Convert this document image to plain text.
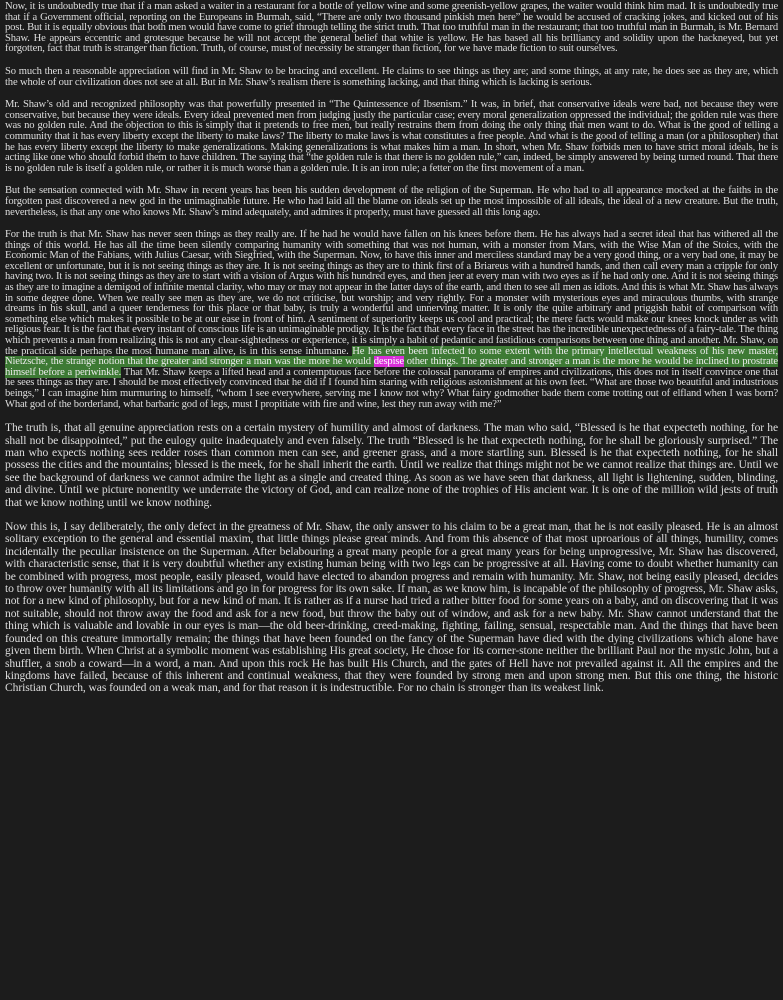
Now, it is undoubtedly true that if a man asked a waiter in a restaurant for a bottle of yellow wine and some greenish-yellow grapes, the waiter would think him mad. It is undoubtedly true that if a Government official, reporting on the Europeans in Burmah, said, “There are only two thousand pinkish men here” he would be accused of cracking jokes, and kicked out of his post. But it is equally obvious that both men would have come to grief through telling the strict truth. That too truthful man in the restaurant; that too truthful man in Burmah, is Mr. Bernard Shaw. He appears eccentric and grotesque because he will not accept the general belief that white is yellow. He has based all his brilliancy and solidity upon the hackneyed, but yet forgotten, fact that truth is stranger than fiction. Truth, of course, must of necessity be stranger than fiction, for we have made fiction to suit ourselves.

So much then a reasonable appreciation will find in Mr. Shaw to be bracing and excellent. He claims to see things as they are; and some things, at any rate, he does see as they are, which the whole of our civilization does not see at all. But in Mr. Shaw’s realism there is something lacking, and that thing which is lacking is serious.

Mr. Shaw’s old and recognized philosophy was that powerfully presented in “The Quintessence of Ibsenism.” It was, in brief, that conservative ideals were bad, not because they were conservative, but because they were ideals. Every ideal prevented men from judging justly the particular case; every moral generalization oppressed the individual; the golden rule was there was no golden rule. And the objection to this is simply that it pretends to free men, but really restrains them from doing the only thing that men want to do. What is the good of telling a community that it has every liberty except the liberty to make laws? The liberty to make laws is what constitutes a free people. And what is the good of telling a man (or a philosopher) that he has every liberty except the liberty to make generalizations. Making generalizations is what makes him a man. In short, when Mr. Shaw forbids men to have strict moral ideals, he is acting like one who should forbid them to have children. The saying that “the golden rule is that there is no golden rule,” can, indeed, be simply answered by being turned round. That there is no golden rule is itself a golden rule, or rather it is much worse than a golden rule. It is an iron rule; a fetter on the first movement of a man.

But the sensation connected with Mr. Shaw in recent years has been his sudden development of the religion of the Superman. He who had to all appearance mocked at the faiths in the forgotten past discovered a new god in the unimaginable future. He who had laid all the blame on ideals set up the most impossible of all ideals, the ideal of a new creature. But the truth, nevertheless, is that any one who knows Mr. Shaw’s mind adequately, and admires it properly, must have guessed all this long ago.

For the truth is that Mr. Shaw has never seen things as they really are. If he had he would have fallen on his knees before them. He has always had a secret ideal that has withered all the things of this world. He has all the time been silently comparing humanity with something that was not human, with a monster from Mars, with the Wise Man of the Stoics, with the Economic Man of the Fabians, with Julius Caesar, with Siegfried, with the Superman. Now, to have this inner and merciless standard may be a very good thing, or a very bad one, it may be excellent or unfortunate, but it is not seeing things as they are. It is not seeing things as they are to think first of a Briareus with a hundred hands, and then call every man a cripple for only having two. It is not seeing things as they are to start with a vision of Argus with his hundred eyes, and then jeer at every man with two eyes as if he had only one. And it is not seeing things as they are to imagine a demigod of infinite mental clarity, who may or may not appear in the latter days of the earth, and then to see all men as idiots. And this is what Mr. Shaw has always in some degree done. When we really see men as they are, we do not criticise, but worship; and very rightly. For a monster with mysterious eyes and miraculous thumbs, with strange dreams in his skull, and a queer tenderness for this place or that baby, is truly a wonderful and unnerving matter. It is only the quite arbitrary and priggish habit of comparison with something else which makes it possible to be at our ease in front of him. A sentiment of superiority keeps us cool and practical; the mere facts would make our knees knock under as with religious fear. It is the fact that every instant of conscious life is an unimaginable prodigy. It is the fact that every face in the street has the incredible unexpectedness of a fairy-tale. The thing which prevents a man from realizing this is not any clear-sightedness or experience, it is simply a habit of pedantic and fastidious comparisons between one thing and another. Mr. Shaw, on the practical side perhaps the most humane man alive, is in this sense inhumane. He has even been infected to some extent with the primary intellectual weakness of his new master, Nietzsche, the strange notion that the greater and stronger a man was the more he would despise other things. The greater and stronger a man is the more he would be inclined to prostrate himself before a periwinkle. That Mr. Shaw keeps a lifted head and a contemptuous face before the colossal panorama of empires and civilizations, this does not in itself convince one that he sees things as they are. I should be most effectively convinced that he did if I found him staring with religious astonishment at his own feet. “What are those two beautiful and industrious beings,” I can imagine him murmuring to himself, “whom I see everywhere, serving me I know not why? What fairy godmother bade them come trotting out of elfland when I was born? What god of the borderland, what barbaric god of legs, must I propitiate with fire and wine, lest they run away with me?”

The truth is, that all genuine appreciation rests on a certain mystery of humility and almost of darkness. The man who said, “Blessed is he that expecteth nothing, for he shall not be disappointed,” put the eulogy quite inadequately and even falsely. The truth “Blessed is he that expecteth nothing, for he shall be gloriously surprised.” The man who expects nothing sees redder roses than common men can see, and greener grass, and a more startling sun. Blessed is he that expecteth nothing, for he shall possess the cities and the mountains; blessed is the meek, for he shall inherit the earth. Until we realize that things might not be we cannot realize that things are. Until we see the background of darkness we cannot admire the light as a single and created thing. As soon as we have seen that darkness, all light is lightening, sudden, blinding, and divine. Until we picture nonentity we underrate the victory of God, and can realize none of the trophies of His ancient war. It is one of the million wild jests of truth that we know nothing until we know nothing.

Now this is, I say deliberately, the only defect in the greatness of Mr. Shaw, the only answer to his claim to be a great man, that he is not easily pleased. He is an almost solitary exception to the general and essential maxim, that little things please great minds. And from this absence of that most uproarious of all things, humility, comes incidentally the peculiar insistence on the Superman. After belabouring a great many people for a great many years for being unprogressive, Mr. Shaw has discovered, with characteristic sense, that it is very doubtful whether any existing human being with two legs can be progressive at all. Having come to doubt whether humanity can be combined with progress, most people, easily pleased, would have elected to abandon progress and remain with humanity. Mr. Shaw, not being easily pleased, decides to throw over humanity with all its limitations and go in for progress for its own sake. If man, as we know him, is incapable of the philosophy of progress, Mr. Shaw asks, not for a new kind of philosophy, but for a new kind of man. It is rather as if a nurse had tried a rather bitter food for some years on a baby, and on discovering that it was not suitable, should not throw away the food and ask for a new food, but throw the baby out of window, and ask for a new baby. Mr. Shaw cannot understand that the thing which is valuable and lovable in our eyes is man—the old beer-drinking, creed-making, fighting, failing, sensual, respectable man. And the things that have been founded on this creature immortally remain; the things that have been founded on the fancy of the Superman have died with the dying civilizations which alone have given them birth. When Christ at a symbolic moment was establishing His great society, He chose for its corner-stone neither the brilliant Paul nor the mystic John, but a shuffler, a snob a coward—in a word, a man. And upon this rock He has built His Church, and the gates of Hell have not prevailed against it. All the empires and the kingdoms have failed, because of this inherent and continual weakness, that they were founded by strong men and upon strong men. But this one thing, the historic Christian Church, was founded on a weak man, and for that reason it is indestructible. For no chain is stronger than its weakest link.
